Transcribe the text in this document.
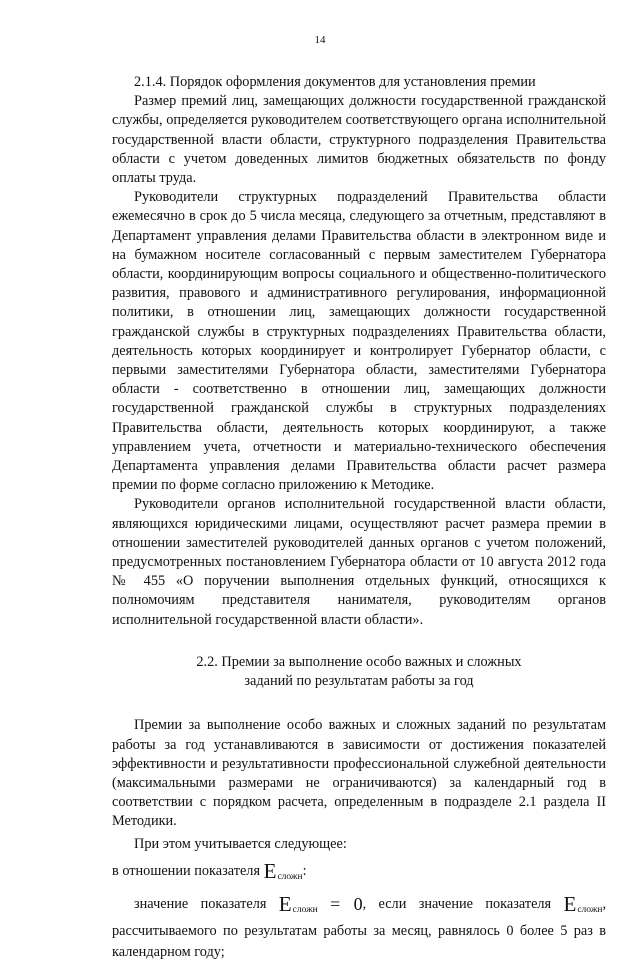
14

2.1.4. Порядок оформления документов для установления премии

Размер премий лиц, замещающих должности государственной гражданской службы, определяется руководителем соответствующего органа исполнительной государственной власти области, структурного подразделения Правительства области с учетом доведенных лимитов бюджетных обязательств по фонду оплаты труда.

Руководители структурных подразделений Правительства области ежемесячно в срок до 5 числа месяца, следующего за отчетным, представляют в Департамент управления делами Правительства области в электронном виде и на бумажном носителе согласованный с первым заместителем Губернатора области, координирующим вопросы социального и общественно-политического развития, правового и административного регулирования, информационной политики, в отношении лиц, замещающих должности государственной гражданской службы в структурных подразделениях Правительства области, деятельность которых координирует и контролирует Губернатор области, с первыми заместителями Губернатора области, заместителями Губернатора области - соответственно в отношении лиц, замещающих должности государственной гражданской службы в структурных подразделениях Правительства области, деятельность которых координируют, а также управлением учета, отчетности и материально-технического обеспечения Департамента управления делами Правительства области расчет размера премии по форме согласно приложению к Методике.

Руководители органов исполнительной государственной власти области, являющихся юридическими лицами, осуществляют расчет размера премии в отношении заместителей руководителей данных органов с учетом положений, предусмотренных постановлением Губернатора области от 10 августа 2012 года № 455 «О поручении выполнения отдельных функций, относящихся к полномочиям представителя нанимателя, руководителям органов исполнительной государственной власти области».

2.2. Премии за выполнение особо важных и сложных
заданий по результатам работы за год

Премии за выполнение особо важных и сложных заданий по результатам работы за год устанавливаются в зависимости от достижения показателей эффективности и результативности профессиональной служебной деятельности (максимальными размерами не ограничиваются) за календарный год в соответствии с порядком расчета, определенным в подразделе 2.1 раздела II Методики.

При этом учитывается следующее:

в отношении показателя $E_{сложн}$:

значение показателя $E_{сложн} = 0$, если значение показателя $E_{сложн}$, рассчитываемого по результатам работы за месяц, равнялось 0 более 5 раз в календарном году;
